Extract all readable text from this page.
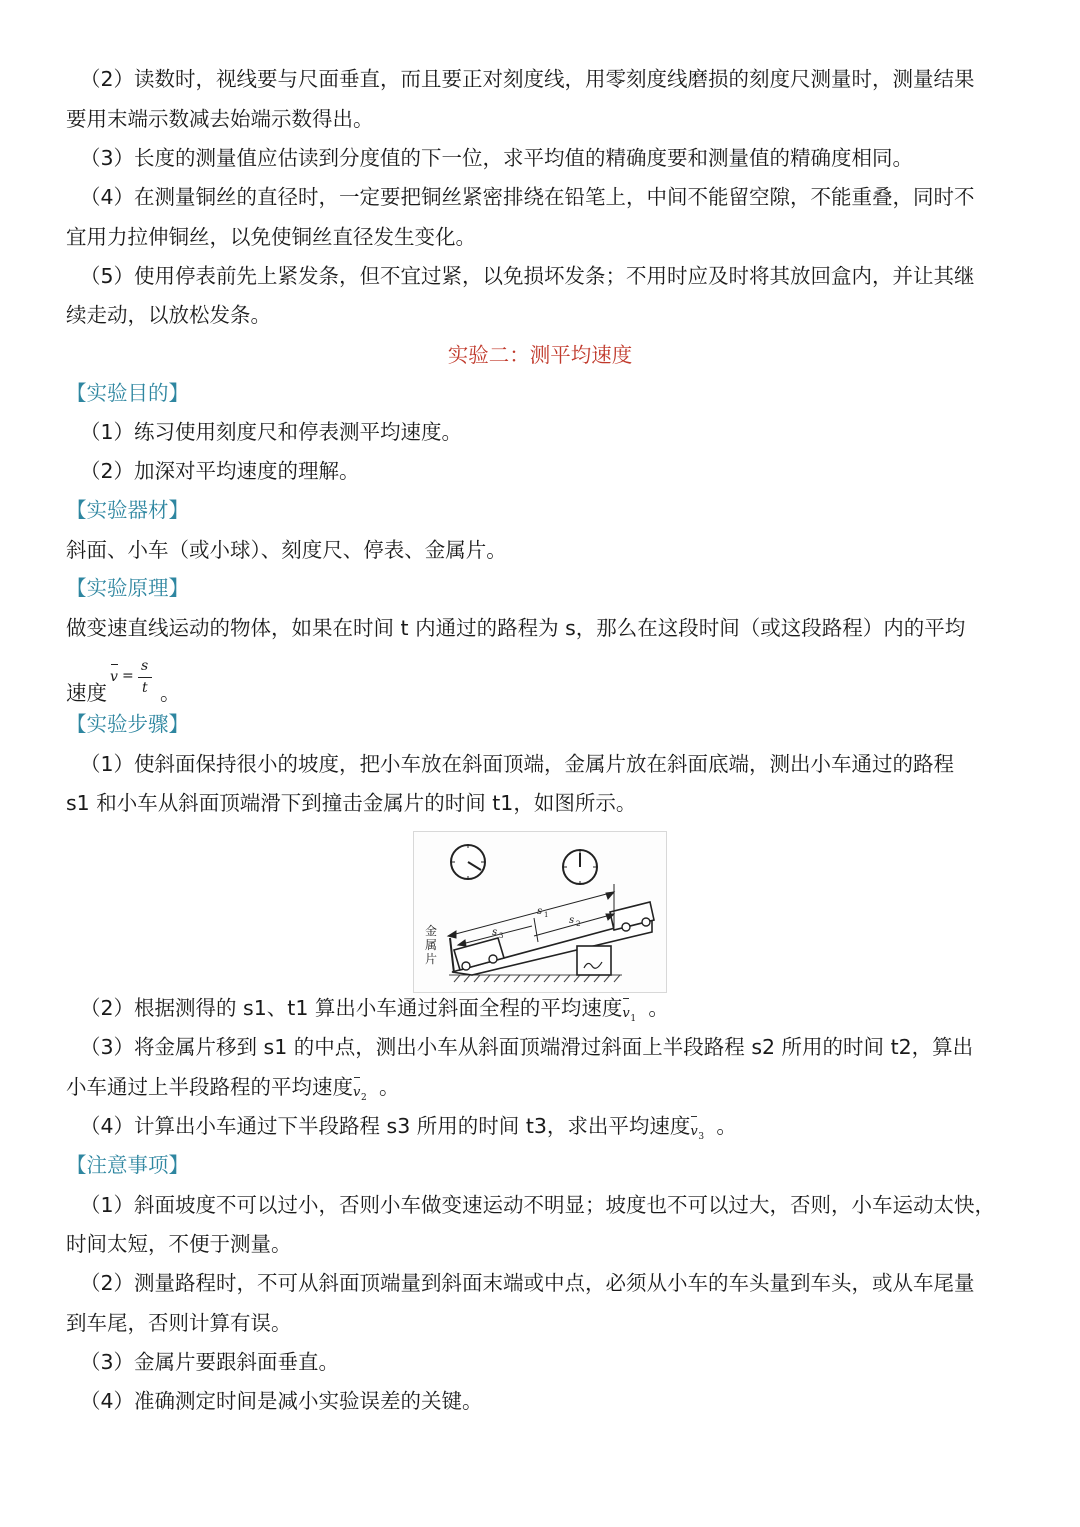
（2）读数时，视线要与尺面垂直，而且要正对刻度线，用零刻度线磨损的刻度尺测量时，测量结果
要用末端示数减去始端示数得出。
（3）长度的测量值应估读到分度值的下一位，求平均值的精确度要和测量值的精确度相同。
（4）在测量铜丝的直径时，一定要把铜丝紧密排绕在铅笔上，中间不能留空隙，不能重叠，同时不
宜用力拉伸铜丝，以免使铜丝直径发生变化。
（5）使用停表前先上紧发条，但不宜过紧，以免损坏发条；不用时应及时将其放回盒内，并让其继
续走动，以放松发条。
实验二：测平均速度
【实验目的】
（1）练习使用刻度尺和停表测平均速度。
（2）加深对平均速度的理解。
【实验器材】
斜面、小车（或小球）、刻度尺、停表、金属片。
【实验原理】
做变速直线运动的物体，如果在时间 t 内通过的路程为 s，那么在这段时间（或这段路程）内的平均
速度
v =
s
t 。
【实验步骤】
（1）使斜面保持很小的坡度，把小车放在斜面顶端，金属片放在斜面底端，测出小车通过的路程
s1 和小车从斜面顶端滑下到撞击金属片的时间 t1，如图所示。
s 1 s 2
s 3
金
属
片
（2）根据测得的 s1、t1 算出小车通过斜面全程的平均速度 v 1 。
（3）将金属片移到 s1 的中点，测出小车从斜面顶端滑过斜面上半段路程 s2 所用的时间 t2，算出
小车通过上半段路程的平均速度 v 2 。
（4）计算出小车通过下半段路程 s3 所用的时间 t3，求出平均速度 v 3 。
【注意事项】
（1）斜面坡度不可以过小，否则小车做变速运动不明显；坡度也不可以过大，否则，小车运动太快，
时间太短，不便于测量。
（2）测量路程时，不可从斜面顶端量到斜面末端或中点，必须从小车的车头量到车头，或从车尾量
到车尾，否则计算有误。
（3）金属片要跟斜面垂直。
（4）准确测定时间是减小实验误差的关键。
